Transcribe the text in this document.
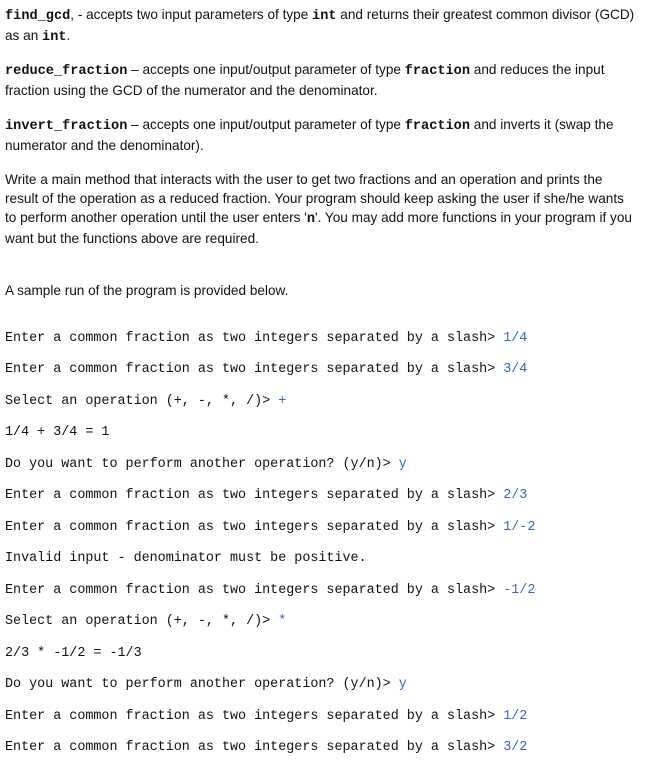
find_gcd, - accepts two input parameters of type int and returns their greatest common divisor (GCD) as an int.
reduce_fraction – accepts one input/output parameter of type fraction and reduces the input fraction using the GCD of the numerator and the denominator.
invert_fraction – accepts one input/output parameter of type fraction and inverts it (swap the numerator and the denominator).
Write a main method that interacts with the user to get two fractions and an operation and prints the result of the operation as a reduced fraction. Your program should keep asking the user if she/he wants to perform another operation until the user enters 'n'. You may add more functions in your program if you want but the functions above are required.
A sample run of the program is provided below.
Enter a common fraction as two integers separated by a slash> 1/4
Enter a common fraction as two integers separated by a slash> 3/4
Select an operation (+, -, *, /)> +
1/4 + 3/4 = 1
Do you want to perform another operation? (y/n)> y
Enter a common fraction as two integers separated by a slash> 2/3
Enter a common fraction as two integers separated by a slash> 1/-2
Invalid input - denominator must be positive.
Enter a common fraction as two integers separated by a slash> -1/2
Select an operation (+, -, *, /)> *
2/3 * -1/2 = -1/3
Do you want to perform another operation? (y/n)> y
Enter a common fraction as two integers separated by a slash> 1/2
Enter a common fraction as two integers separated by a slash> 3/2
